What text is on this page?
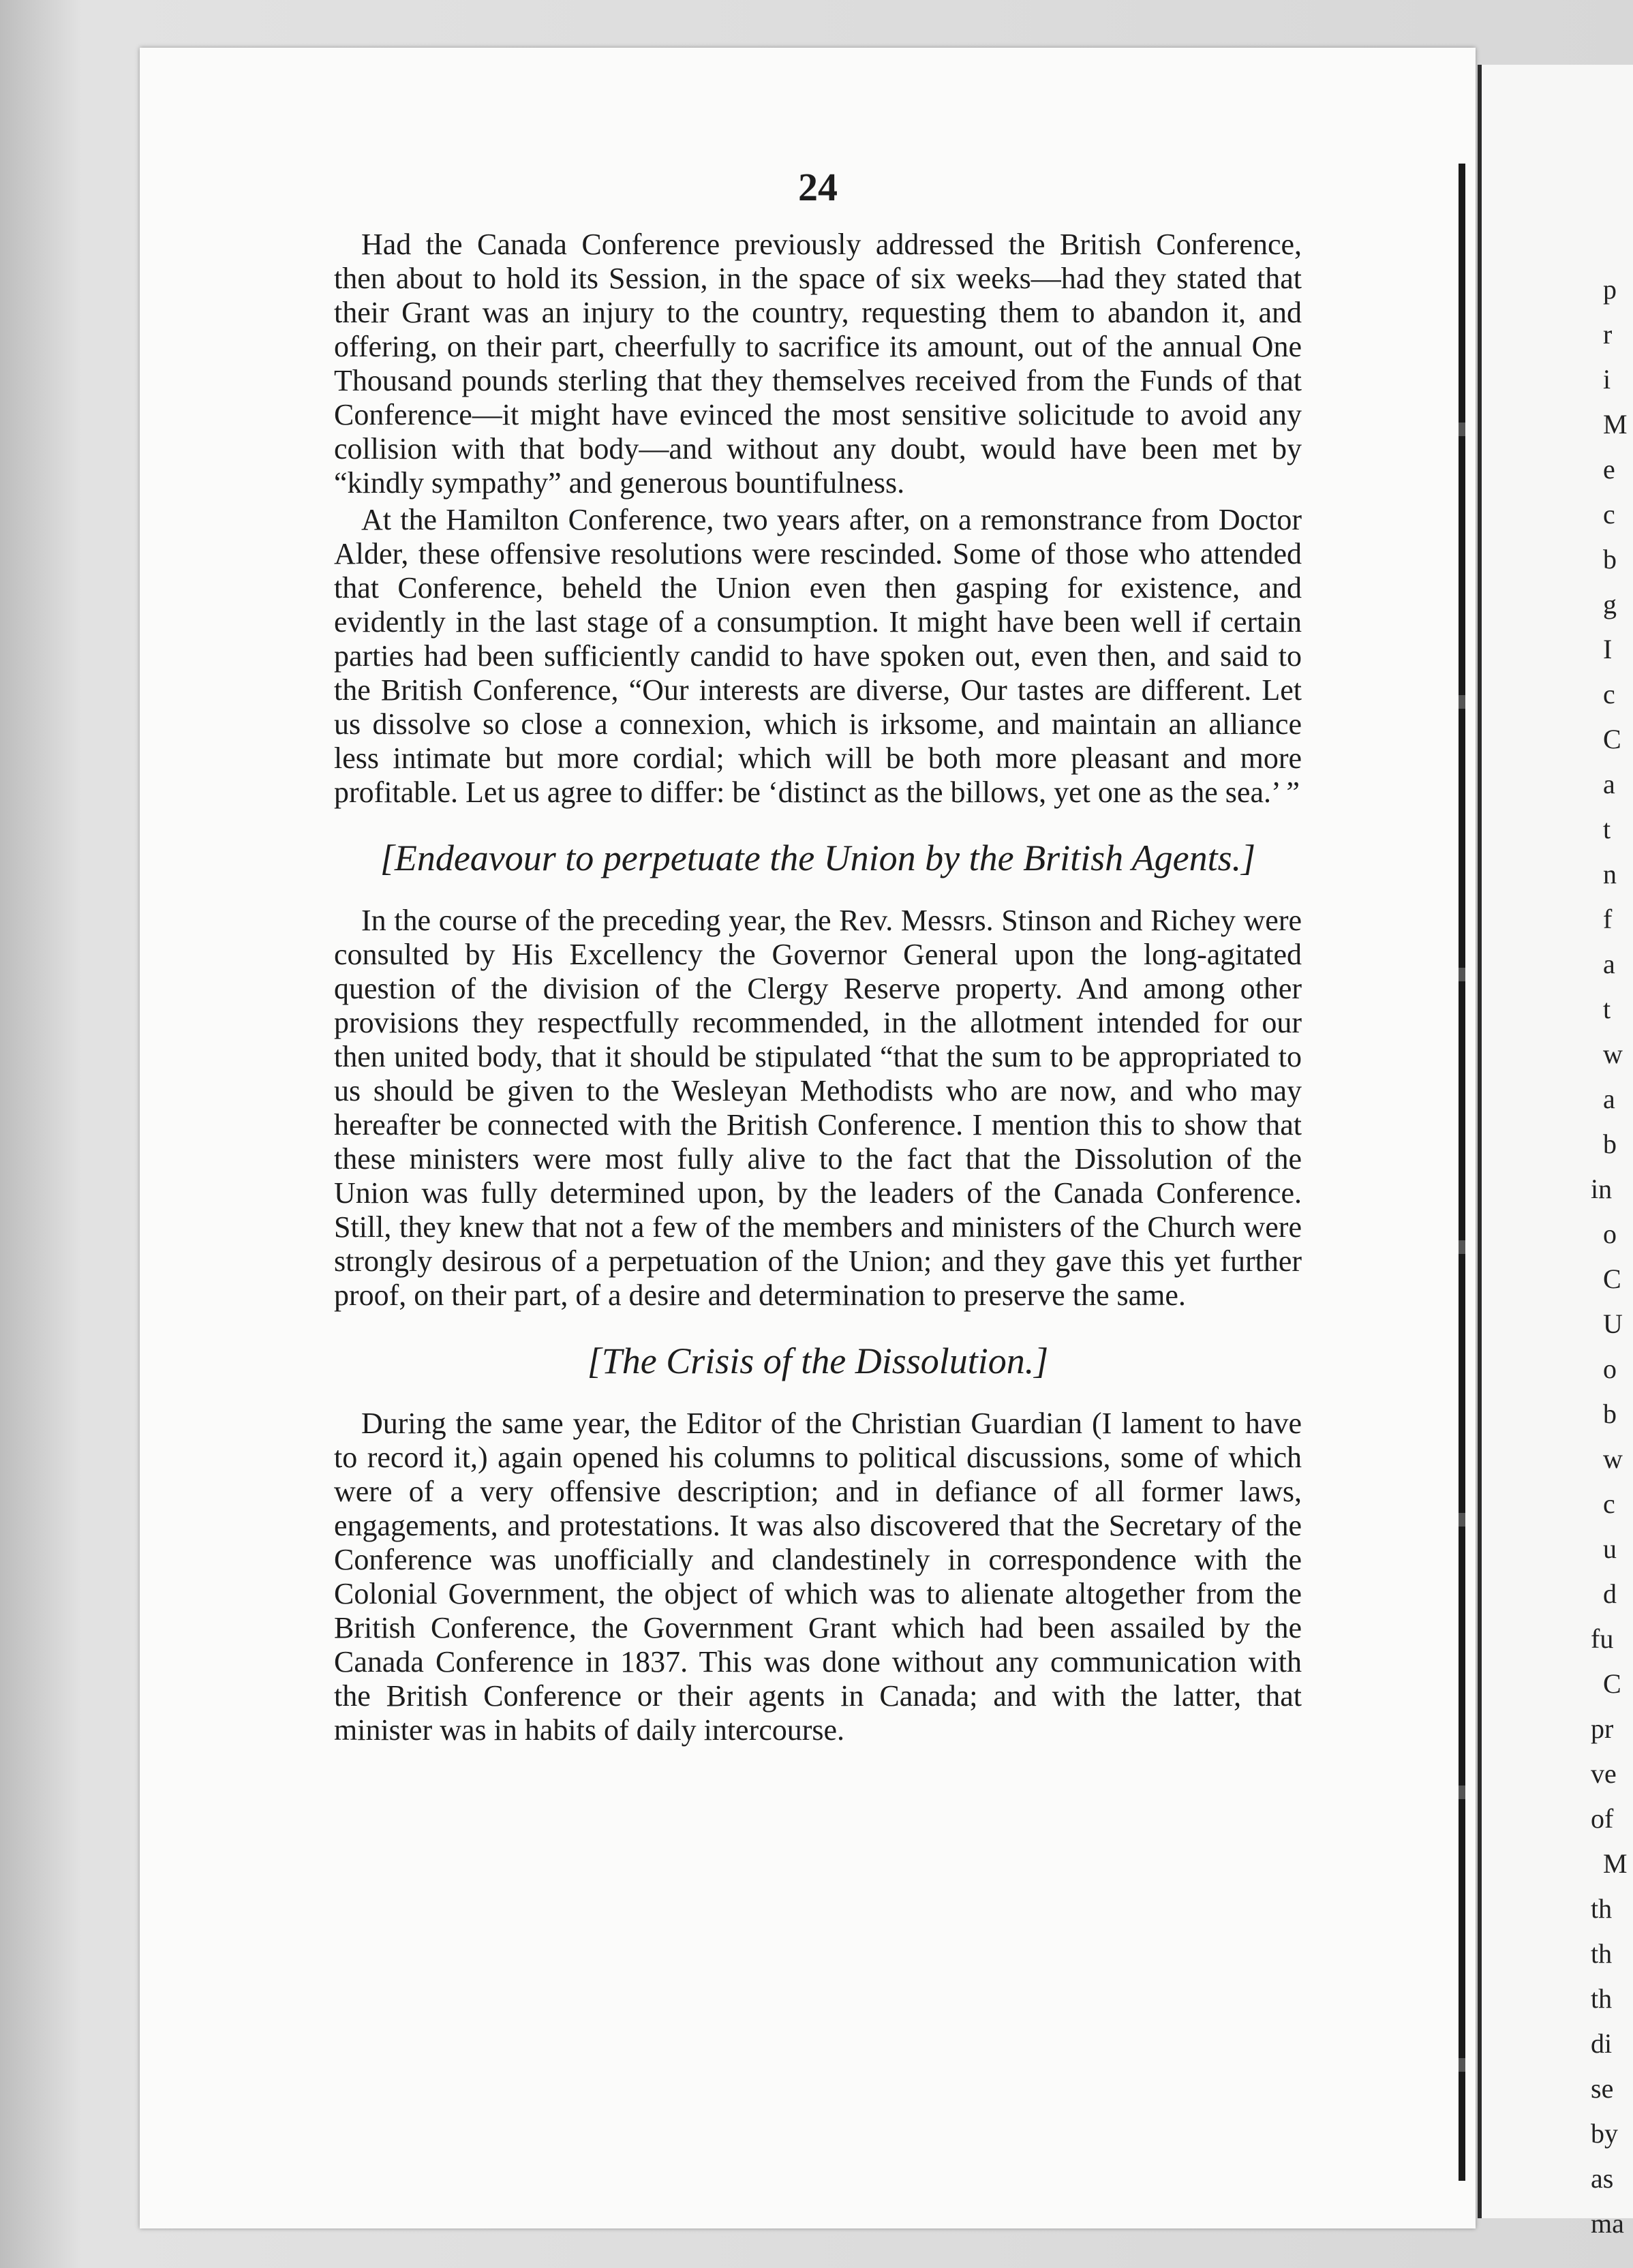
24

Had the Canada Conference previously addressed the British Conference, then about to hold its Session, in the space of six weeks—had they stated that their Grant was an injury to the country, requesting them to abandon it, and offering, on their part, cheerfully to sacrifice its amount, out of the annual One Thousand pounds sterling that they themselves received from the Funds of that Conference—it might have evinced the most sensitive solicitude to avoid any collision with that body—and without any doubt, would have been met by “kindly sympathy” and generous bountifulness.

At the Hamilton Conference, two years after, on a remonstrance from Doctor Alder, these offensive resolutions were rescinded. Some of those who attended that Conference, beheld the Union even then gasping for existence, and evidently in the last stage of a consumption. It might have been well if certain parties had been sufficiently candid to have spoken out, even then, and said to the British Conference, “Our interests are diverse, Our tastes are different. Let us dissolve so close a connexion, which is irksome, and maintain an alliance less intimate but more cordial; which will be both more pleasant and more profitable. Let us agree to differ: be ‘distinct as the billows, yet one as the sea.’ ”

[Endeavour to perpetuate the Union by the British Agents.]

In the course of the preceding year, the Rev. Messrs. Stinson and Richey were consulted by His Excellency the Governor General upon the long-agitated question of the division of the Clergy Reserve property. And among other provisions they respectfully recommended, in the allotment intended for our then united body, that it should be stipulated “that the sum to be appropriated to us should be given to the Wesleyan Methodists who are now, and who may hereafter be connected with the British Conference. I mention this to show that these ministers were most fully alive to the fact that the Dissolution of the Union was fully determined upon, by the leaders of the Canada Conference. Still, they knew that not a few of the members and ministers of the Church were strongly desirous of a perpetuation of the Union; and they gave this yet further proof, on their part, of a desire and determination to preserve the same.

[The Crisis of the Dissolution.]

During the same year, the Editor of the Christian Guardian (I lament to have to record it,) again opened his columns to political discussions, some of which were of a very offensive description; and in defiance of all former laws, engagements, and protestations. It was also discovered that the Secretary of the Conference was unofficially and clandestinely in correspondence with the Colonial Government, the object of which was to alienate altogether from the British Conference, the Government Grant which had been assailed by the Canada Conference in 1837. This was done without any communication with the British Conference or their agents in Canada; and with the latter, that minister was in habits of daily intercourse.

p
r
i
M
e
c
b
g
I
c
C
a
t
n
f
a
t
w
a
b
in
o
C
U
o
b
w
c
u
d
fu
C
pr
ve
of
M
th
th
th
di
se
by
as
ma
